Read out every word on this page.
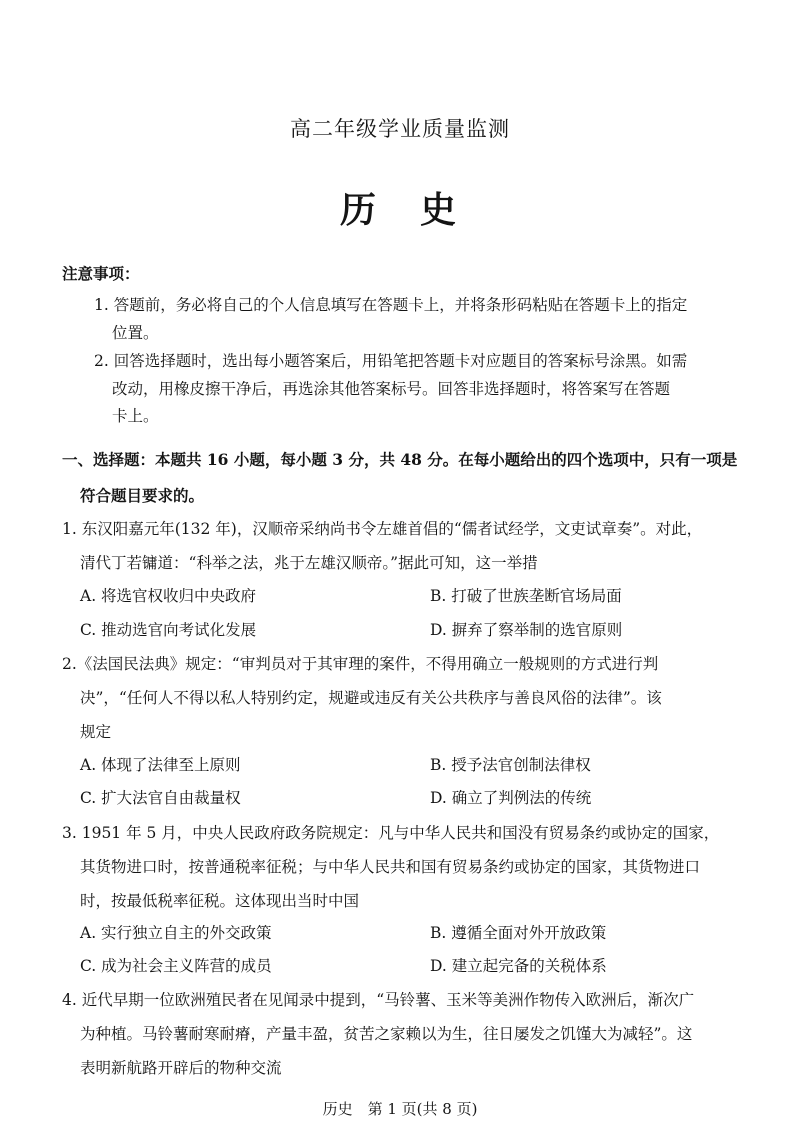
高二年级学业质量监测
历　史
注意事项：
1. 答题前，务必将自己的个人信息填写在答题卡上，并将条形码粘贴在答题卡上的指定
位置。
2. 回答选择题时，选出每小题答案后，用铅笔把答题卡对应题目的答案标号涂黑。如需
改动，用橡皮擦干净后，再选涂其他答案标号。回答非选择题时，将答案写在答题
卡上。
一、选择题：本题共 16 小题，每小题 3 分，共 48 分。在每小题给出的四个选项中，只有一项是
符合题目要求的。
1. 东汉阳嘉元年(132 年)，汉顺帝采纳尚书令左雄首倡的“儒者试经学，文吏试章奏”。对此，
清代丁若镛道：“科举之法，兆于左雄汉顺帝。”据此可知，这一举措
A. 将选官权收归中央政府	B. 打破了世族垄断官场局面
C. 推动选官向考试化发展	D. 摒弃了察举制的选官原则
2.《法国民法典》规定：“审判员对于其审理的案件，不得用确立一般规则的方式进行判
决”，“任何人不得以私人特别约定，规避或违反有关公共秩序与善良风俗的法律”。该
规定
A. 体现了法律至上原则	B. 授予法官创制法律权
C. 扩大法官自由裁量权	D. 确立了判例法的传统
3. 1951 年 5 月，中央人民政府政务院规定：凡与中华人民共和国没有贸易条约或协定的国家，
其货物进口时，按普通税率征税；与中华人民共和国有贸易条约或协定的国家，其货物进口
时，按最低税率征税。这体现出当时中国
A. 实行独立自主的外交政策	B. 遵循全面对外开放政策
C. 成为社会主义阵营的成员	D. 建立起完备的关税体系
4. 近代早期一位欧洲殖民者在见闻录中提到，“马铃薯、玉米等美洲作物传入欧洲后，渐次广
为种植。马铃薯耐寒耐瘠，产量丰盈，贫苦之家赖以为生，往日屡发之饥馑大为减轻”。这
表明新航路开辟后的物种交流
历史　第 1 页(共 8 页)
